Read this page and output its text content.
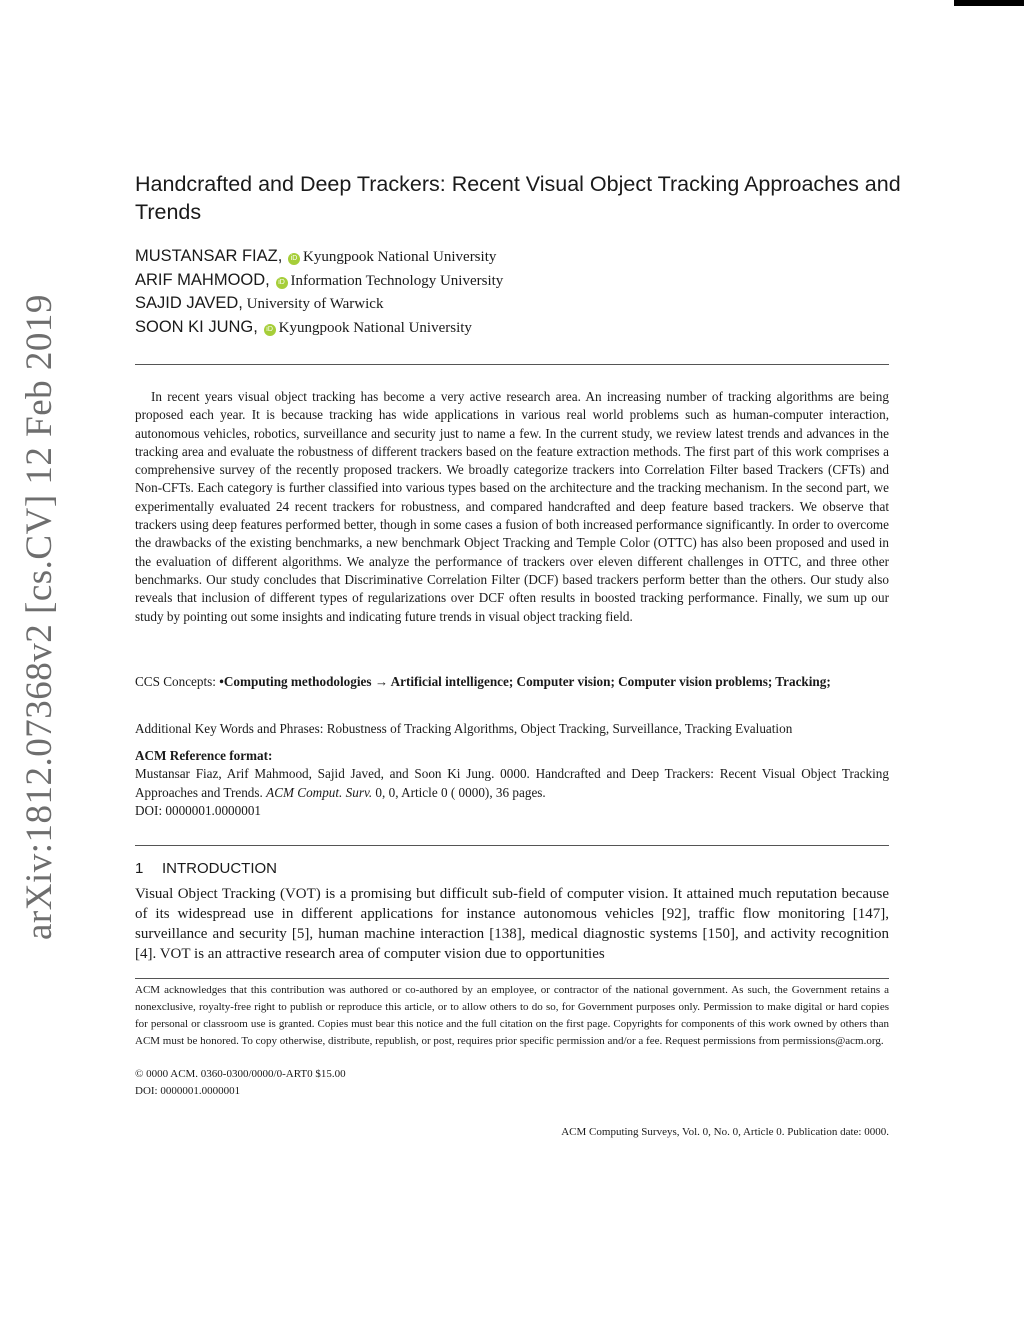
arXiv:1812.07368v2 [cs.CV] 12 Feb 2019
Handcrafted and Deep Trackers: Recent Visual Object Tracking Approaches and Trends
MUSTANSAR FIAZ, iD Kyungpook National University
ARIF MAHMOOD, iD Information Technology University
SAJID JAVED, University of Warwick
SOON KI JUNG, iD Kyungpook National University

In recent years visual object tracking has become a very active research area. An increasing number of tracking algorithms are being proposed each year. It is because tracking has wide applications in various real world problems such as human-computer interaction, autonomous vehicles, robotics, surveillance and security just to name a few. In the current study, we review latest trends and advances in the tracking area and evaluate the robustness of different trackers based on the feature extraction methods. The first part of this work comprises a comprehensive survey of the recently proposed trackers. We broadly categorize trackers into Correlation Filter based Trackers (CFTs) and Non-CFTs. Each category is further classified into various types based on the architecture and the tracking mechanism. In the second part, we experimentally evaluated 24 recent trackers for robustness, and compared handcrafted and deep feature based trackers. We observe that trackers using deep features performed better, though in some cases a fusion of both increased performance significantly. In order to overcome the drawbacks of the existing benchmarks, a new benchmark Object Tracking and Temple Color (OTTC) has also been proposed and used in the evaluation of different algorithms. We analyze the performance of trackers over eleven different challenges in OTTC, and three other benchmarks. Our study concludes that Discriminative Correlation Filter (DCF) based trackers perform better than the others. Our study also reveals that inclusion of different types of regularizations over DCF often results in boosted tracking performance. Finally, we sum up our study by pointing out some insights and indicating future trends in visual object tracking field.

CCS Concepts: •Computing methodologies → Artificial intelligence; Computer vision; Computer vision problems; Tracking;

Additional Key Words and Phrases: Robustness of Tracking Algorithms, Object Tracking, Surveillance, Tracking Evaluation

ACM Reference format:
Mustansar Fiaz, Arif Mahmood, Sajid Javed, and Soon Ki Jung. 0000. Handcrafted and Deep Trackers: Recent Visual Object Tracking Approaches and Trends. ACM Comput. Surv. 0, 0, Article 0 ( 0000), 36 pages.
DOI: 0000001.0000001
1 INTRODUCTION

Visual Object Tracking (VOT) is a promising but difficult sub-field of computer vision. It attained much reputation because of its widespread use in different applications for instance autonomous vehicles [92], traffic flow monitoring [147], surveillance and security [5], human machine interaction [138], medical diagnostic systems [150], and activity recognition [4]. VOT is an attractive research area of computer vision due to opportunities

ACM acknowledges that this contribution was authored or co-authored by an employee, or contractor of the national government. As such, the Government retains a nonexclusive, royalty-free right to publish or reproduce this article, or to allow others to do so, for Government purposes only. Permission to make digital or hard copies for personal or classroom use is granted. Copies must bear this notice and the full citation on the first page. Copyrights for components of this work owned by others than ACM must be honored. To copy otherwise, distribute, republish, or post, requires prior specific permission and/or a fee. Request permissions from permissions@acm.org.

© 0000 ACM. 0360-0300/0000/0-ART0 $15.00
DOI: 0000001.0000001
ACM Computing Surveys, Vol. 0, No. 0, Article 0. Publication date: 0000.
